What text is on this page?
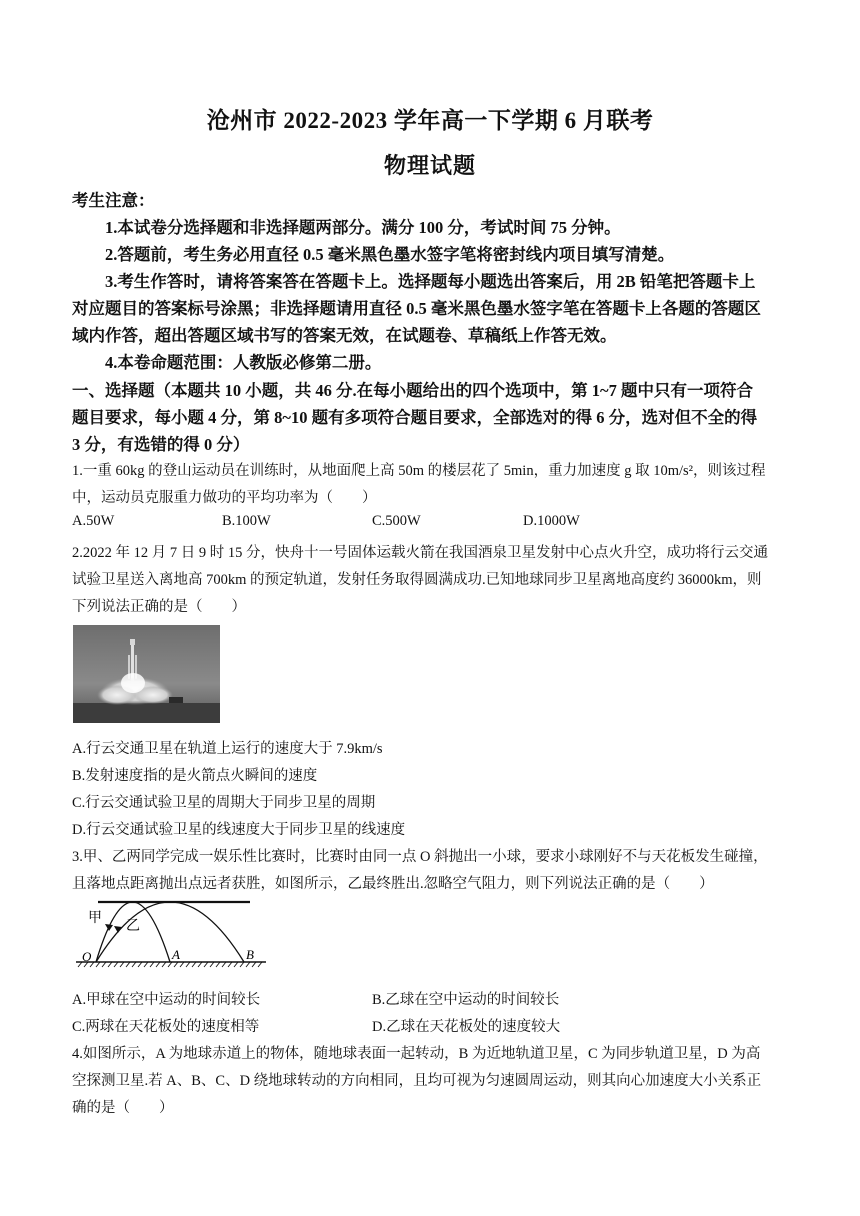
沧州市 2022-2023 学年高一下学期 6 月联考
物理试题
考生注意：
1.本试卷分选择题和非选择题两部分。满分 100 分，考试时间 75 分钟。
2.答题前，考生务必用直径 0.5 毫米黑色墨水签字笔将密封线内项目填写清楚。
3.考生作答时，请将答案答在答题卡上。选择题每小题选出答案后，用 2B 铅笔把答题卡上
对应题目的答案标号涂黑；非选择题请用直径 0.5 毫米黑色墨水签字笔在答题卡上各题的答题区
域内作答，超出答题区域书写的答案无效，在试题卷、草稿纸上作答无效。
4.本卷命题范围：人教版必修第二册。
一、选择题（本题共 10 小题，共 46 分.在每小题给出的四个选项中，第 1~7 题中只有一项符合
题目要求，每小题 4 分，第 8~10 题有多项符合题目要求，全部选对的得 6 分，选对但不全的得
3 分，有选错的得 0 分）
1.一重 60kg 的登山运动员在训练时，从地面爬上高 50m 的楼层花了 5min，重力加速度 g 取 10m/s²，则该过程
中，运动员克服重力做功的平均功率为（　　）
A.50W	B.100W	C.500W	D.1000W
2.2022 年 12 月 7 日 9 时 15 分，快舟十一号固体运载火箭在我国酒泉卫星发射中心点火升空，成功将行云交通
试验卫星送入离地高 700km 的预定轨道，发射任务取得圆满成功.已知地球同步卫星离地高度约 36000km，则
下列说法正确的是（　　）
A.行云交通卫星在轨道上运行的速度大于 7.9km/s
B.发射速度指的是火箭点火瞬间的速度
C.行云交通试验卫星的周期大于同步卫星的周期
D.行云交通试验卫星的线速度大于同步卫星的线速度
3.甲、乙两同学完成一娱乐性比赛时，比赛时由同一点 O 斜抛出一小球，要求小球刚好不与天花板发生碰撞，
且落地点距离抛出点远者获胜，如图所示，乙最终胜出.忽略空气阻力，则下列说法正确的是（　　）
甲
乙
O	A	B
A.甲球在空中运动的时间较长	B.乙球在空中运动的时间较长
C.两球在天花板处的速度相等	D.乙球在天花板处的速度较大
4.如图所示，A 为地球赤道上的物体，随地球表面一起转动，B 为近地轨道卫星，C 为同步轨道卫星，D 为高
空探测卫星.若 A、B、C、D 绕地球转动的方向相同，且均可视为匀速圆周运动，则其向心加速度大小关系正
确的是（　　）
